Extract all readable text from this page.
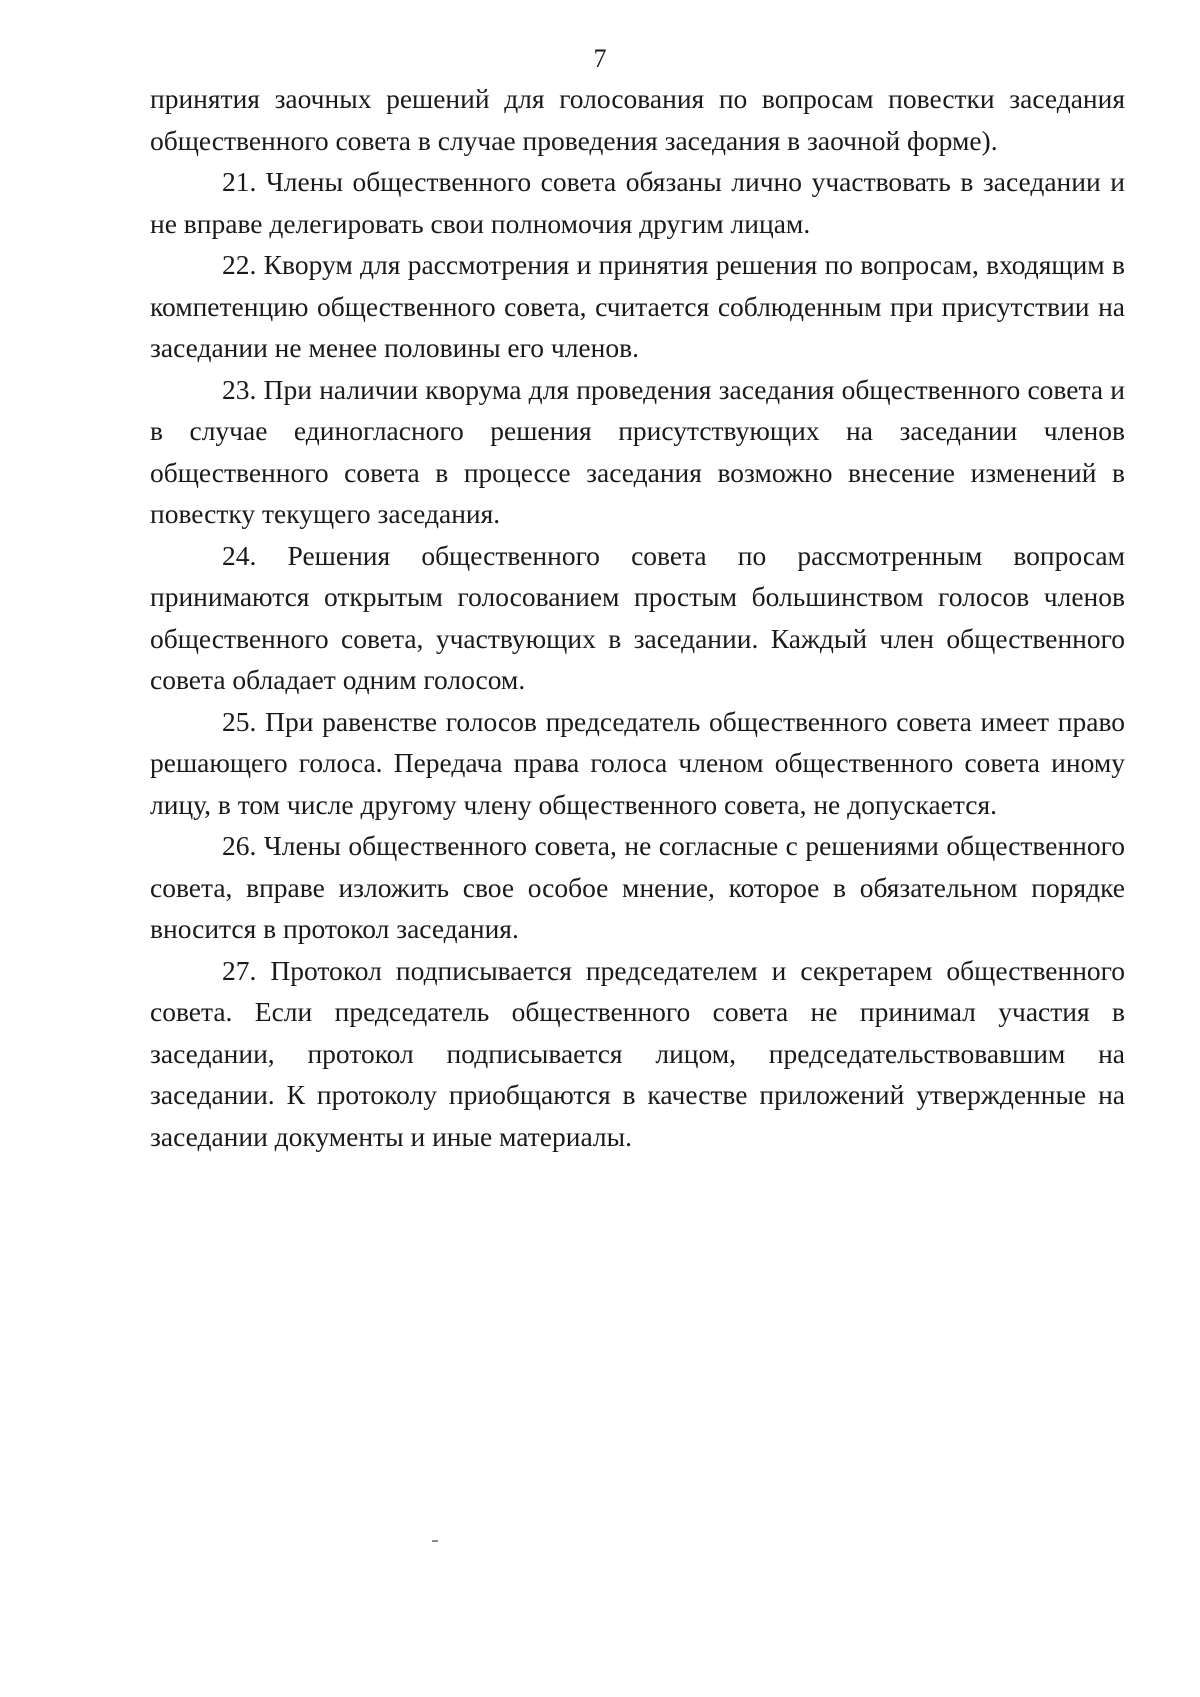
7

принятия заочных решений для голосования по вопросам повестки заседания общественного совета в случае проведения заседания в заочной форме).

21. Члены общественного совета обязаны лично участвовать в заседании и не вправе делегировать свои полномочия другим лицам.

22. Кворум для рассмотрения и принятия решения по вопросам, входящим в компетенцию общественного совета, считается соблюденным при присутствии на заседании не менее половины его членов.

23. При наличии кворума для проведения заседания общественного совета и в случае единогласного решения присутствующих на заседании членов общественного совета в процессе заседания возможно внесение изменений в повестку текущего заседания.

24. Решения общественного совета по рассмотренным вопросам принимаются открытым голосованием простым большинством голосов членов общественного совета, участвующих в заседании. Каждый член общественного совета обладает одним голосом.

25. При равенстве голосов председатель общественного совета имеет право решающего голоса. Передача права голоса членом общественного совета иному лицу, в том числе другому члену общественного совета, не допускается.

26. Члены общественного совета, не согласные с решениями общественного совета, вправе изложить свое особое мнение, которое в обязательном порядке вносится в протокол заседания.

27. Протокол подписывается председателем и секретарем общественного совета. Если председатель общественного совета не принимал участия в заседании, протокол подписывается лицом, председательствовавшим на заседании. К протоколу приобщаются в качестве приложений утвержденные на заседании документы и иные материалы.
